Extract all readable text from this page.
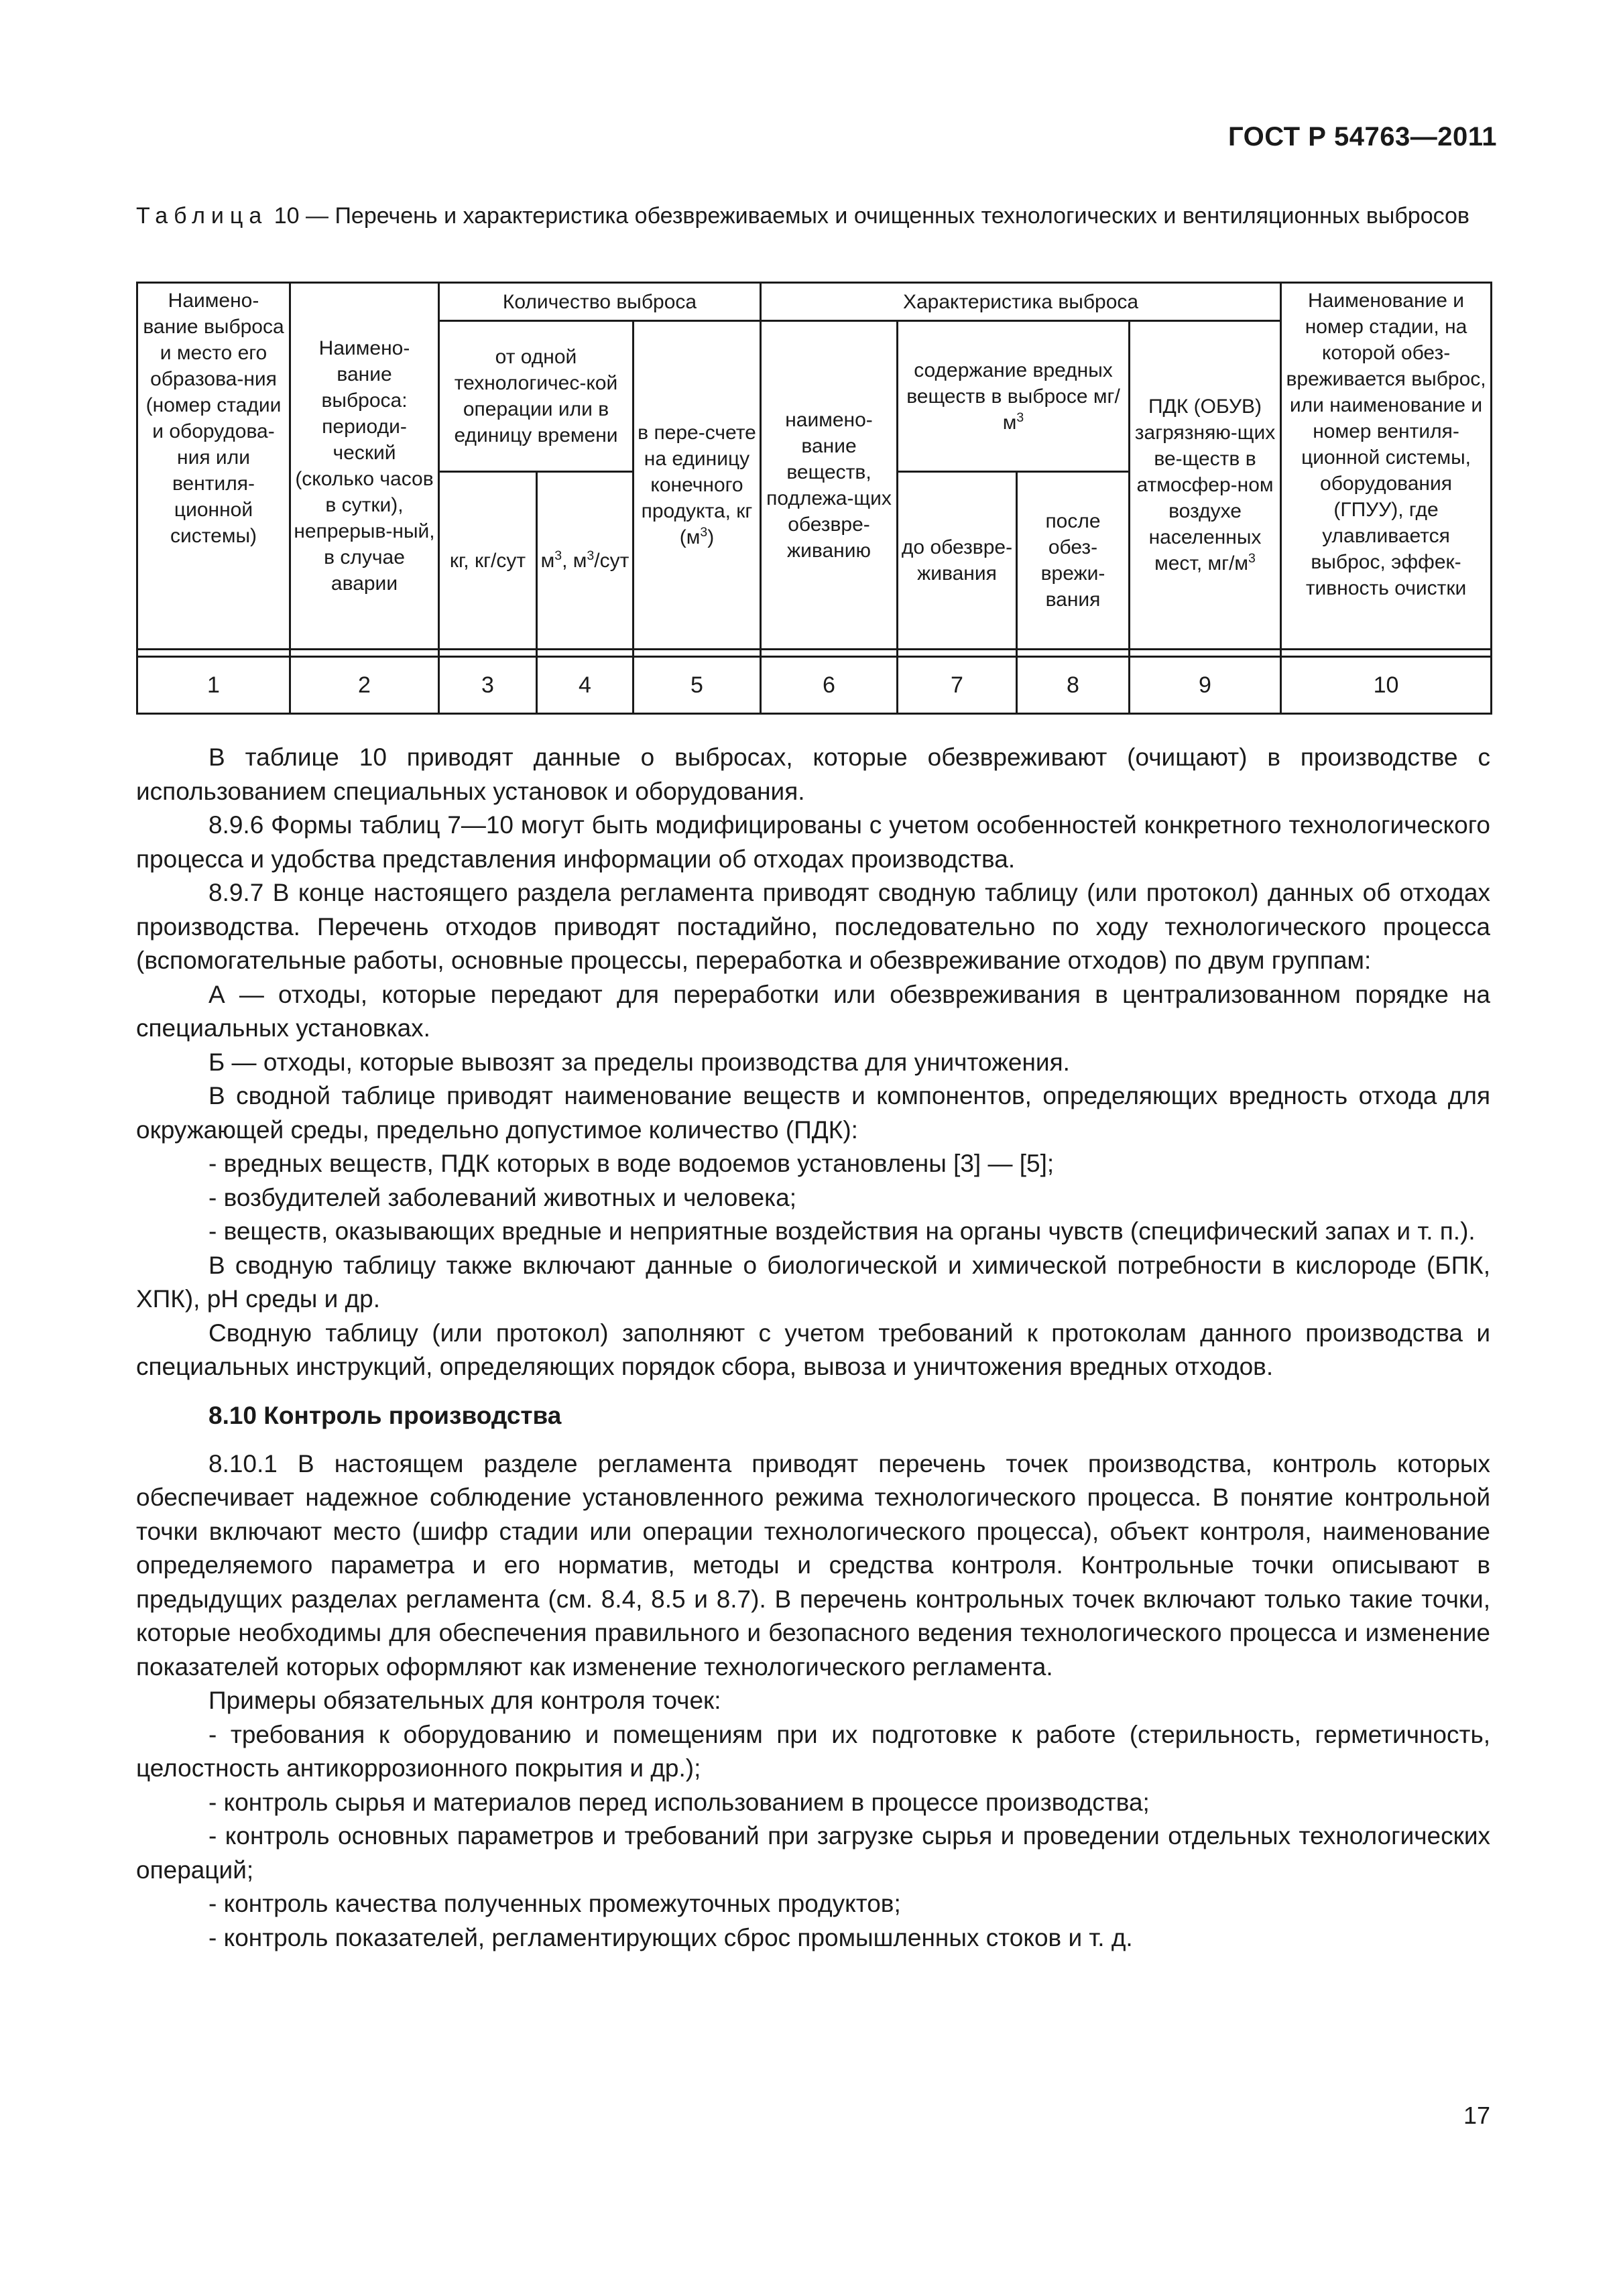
ГОСТ Р 54763—2011
Таблица 10 — Перечень и характеристика обезвреживаемых и очищенных технологических и вентиляционных выбросов
Наимено-вание выброса и место его образова-ния (номер стадии и оборудова-ния или вентиля-ционной системы)	Наимено-вание выброса: периоди-ческий (сколько часов в сутки), непрерыв-ный, в случае аварии	Количество выброса			Характеристика выброса				Наименование и номер стадии, на которой обез-вреживается выброс, или наименование и номер вентиля-ционной системы, оборудования (ГПУУ), где улавливается выброс, эффек-тивность очистки
		от одной технологичес-кой операции или в единицу времени		в пере-счете на единицу конечного продукта, кг $(м^3)$	наимено-вание веществ, подлежа-щих обезвре-живанию	содержание вредных веществ в выбросе $мг/м^3$		ПДК (ОБУВ) загрязняю-щих ве-ществ в атмосфер-ном воздухе населенных мест, $мг/м^3$
		кг, кг/сут	$м^3$, $м^3$/сут			до обезвре-живания	после обез-врежи-вания		

1	2	3	4	5	6	7	8	9	10

В таблице 10 приводят данные о выбросах, которые обезвреживают (очищают) в производстве с использованием специальных установок и оборудования.

8.9.6 Формы таблиц 7—10 могут быть модифицированы с учетом особенностей конкретного технологического процесса и удобства представления информации об отходах производства.

8.9.7 В конце настоящего раздела регламента приводят сводную таблицу (или протокол) данных об отходах производства. Перечень отходов приводят постадийно, последовательно по ходу технологического процесса (вспомогательные работы, основные процессы, переработка и обезвреживание отходов) по двум группам:

А — отходы, которые передают для переработки или обезвреживания в централизованном порядке на специальных установках.

Б — отходы, которые вывозят за пределы производства для уничтожения.

В сводной таблице приводят наименование веществ и компонентов, определяющих вредность отхода для окружающей среды, предельно допустимое количество (ПДК):

- вредных веществ, ПДК которых в воде водоемов установлены [3] — [5];

- возбудителей заболеваний животных и человека;

- веществ, оказывающих вредные и неприятные воздействия на органы чувств (специфический запах и т. п.).

В сводную таблицу также включают данные о биологической и химической потребности в кислороде (БПК, ХПК), pH среды и др.

Сводную таблицу (или протокол) заполняют с учетом требований к протоколам данного производства и специальных инструкций, определяющих порядок сбора, вывоза и уничтожения вредных отходов.

8.10 Контроль производства

8.10.1 В настоящем разделе регламента приводят перечень точек производства, контроль которых обеспечивает надежное соблюдение установленного режима технологического процесса. В понятие контрольной точки включают место (шифр стадии или операции технологического процесса), объект контроля, наименование определяемого параметра и его норматив, методы и средства контроля. Контрольные точки описывают в предыдущих разделах регламента (см. 8.4, 8.5 и 8.7). В перечень контрольных точек включают только такие точки, которые необходимы для обеспечения правильного и безопасного ведения технологического процесса и изменение показателей которых оформляют как изменение технологического регламента.

Примеры обязательных для контроля точек:

- требования к оборудованию и помещениям при их подготовке к работе (стерильность, герметичность, целостность антикоррозионного покрытия и др.);

- контроль сырья и материалов перед использованием в процессе производства;

- контроль основных параметров и требований при загрузке сырья и проведении отдельных технологических операций;

- контроль качества полученных промежуточных продуктов;

- контроль показателей, регламентирующих сброс промышленных стоков и т. д.

17
